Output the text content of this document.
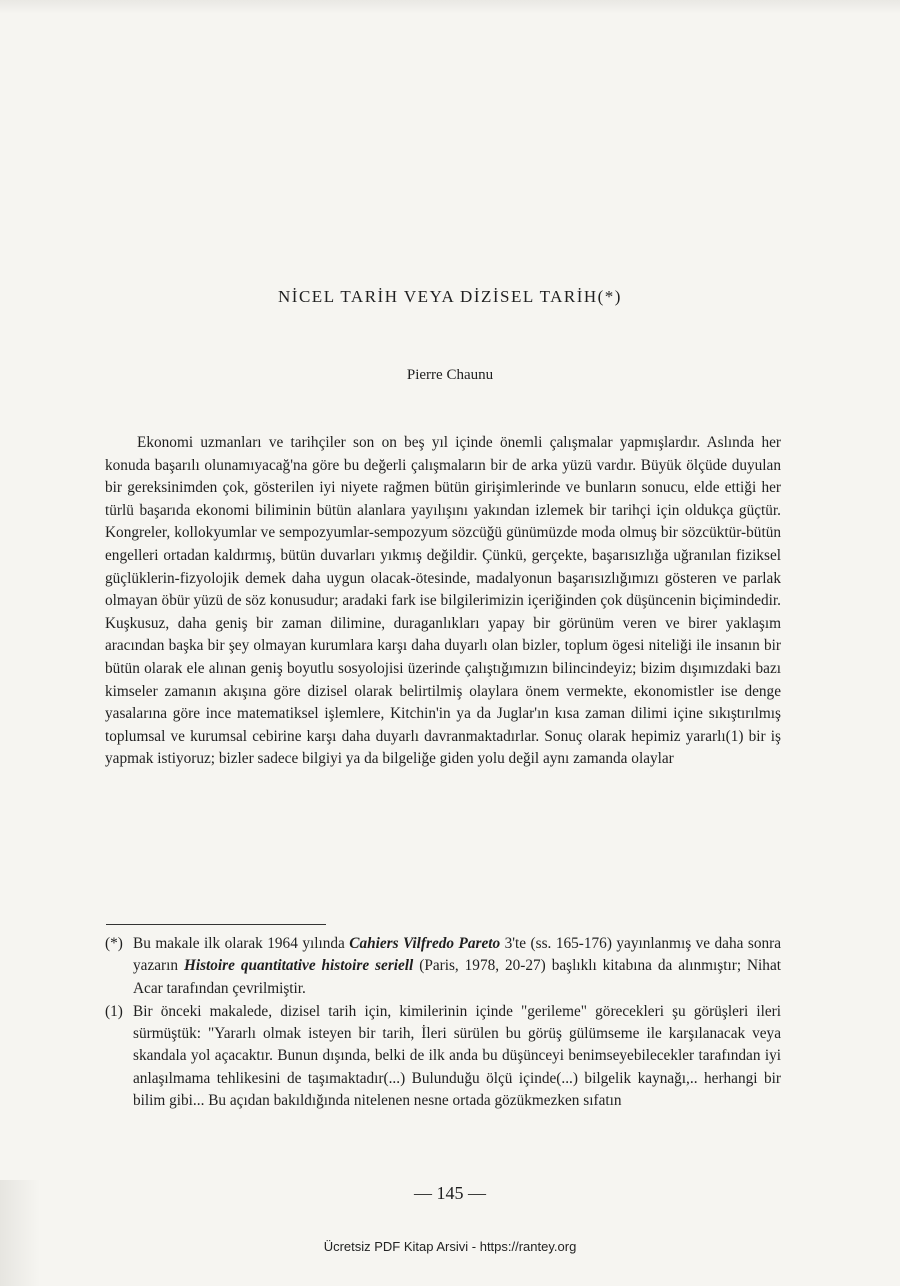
NİCEL TARİH VEYA DİZİSEL TARİH(*)
Pierre Chaunu

Ekonomi uzmanları ve tarihçiler son on beş yıl içinde önemli çalışmalar yapmışlardır. Aslında her konuda başarılı olunamıyacağ'na göre bu değerli çalışmaların bir de arka yüzü vardır. Büyük ölçüde duyulan bir gereksinimden çok, gösterilen iyi niyete rağmen bütün girişimlerinde ve bunların sonucu, elde ettiği her türlü başarıda ekonomi biliminin bütün alanlara yayılışını yakından izlemek bir tarihçi için oldukça güçtür. Kongreler, kollokyumlar ve sempozyumlar-sempozyum sözcüğü günümüzde moda olmuş bir sözcüktür-bütün engelleri ortadan kaldırmış, bütün duvarları yıkmış değildir. Çünkü, gerçekte, başarısızlığa uğranılan fiziksel güçlüklerin-fizyolojik demek daha uygun olacak-ötesinde, madalyonun başarısızlığımızı gösteren ve parlak olmayan öbür yüzü de söz konusudur; aradaki fark ise bilgilerimizin içeriğinden çok düşüncenin biçimindedir. Kuşkusuz, daha geniş bir zaman dilimine, duraganlıkları yapay bir görünüm veren ve birer yaklaşım aracından başka bir şey olmayan kurumlara karşı daha duyarlı olan bizler, toplum ögesi niteliği ile insanın bir bütün olarak ele alınan geniş boyutlu sosyolojisi üzerinde çalıştığımızın bilincindeyiz; bizim dışımızdaki bazı kimseler zamanın akışına göre dizisel olarak belirtilmiş olaylara önem vermekte, ekonomistler ise denge yasalarına göre ince matematiksel işlemlere, Kitchin'in ya da Juglar'ın kısa zaman dilimi içine sıkıştırılmış toplumsal ve kurumsal cebirine karşı daha duyarlı davranmaktadırlar. Sonuç olarak hepimiz yararlı(1) bir iş yapmak istiyoruz; bizler sadece bilgiyi ya da bilgeliğe giden yolu değil aynı zamanda olaylar

(*) Bu makale ilk olarak 1964 yılında Cahiers Vilfredo Pareto 3'te (ss. 165-176) yayınlanmış ve daha sonra yazarın Histoire quantitative histoire seriell (Paris, 1978, 20-27) başlıklı kitabına da alınmıştır; Nihat Acar tarafından çevrilmiştir.

(1) Bir önceki makalede, dizisel tarih için, kimilerinin içinde "gerileme" görecekleri şu görüşleri ileri sürmüştük: "Yararlı olmak isteyen bir tarih, İleri sürülen bu görüş gülümseme ile karşılanacak veya skandala yol açacaktır. Bunun dışında, belki de ilk anda bu düşünceyi benimseyebilecekler tarafından iyi anlaşılmama tehlikesini de taşımaktadır(...) Bulunduğu ölçü içinde(...) bilgelik kaynağı,.. herhangi bir bilim gibi... Bu açıdan bakıldığında nitelenen nesne ortada gözükmezken sıfatın

— 145 —
Ücretsiz PDF Kitap Arsivi - https://rantey.org
